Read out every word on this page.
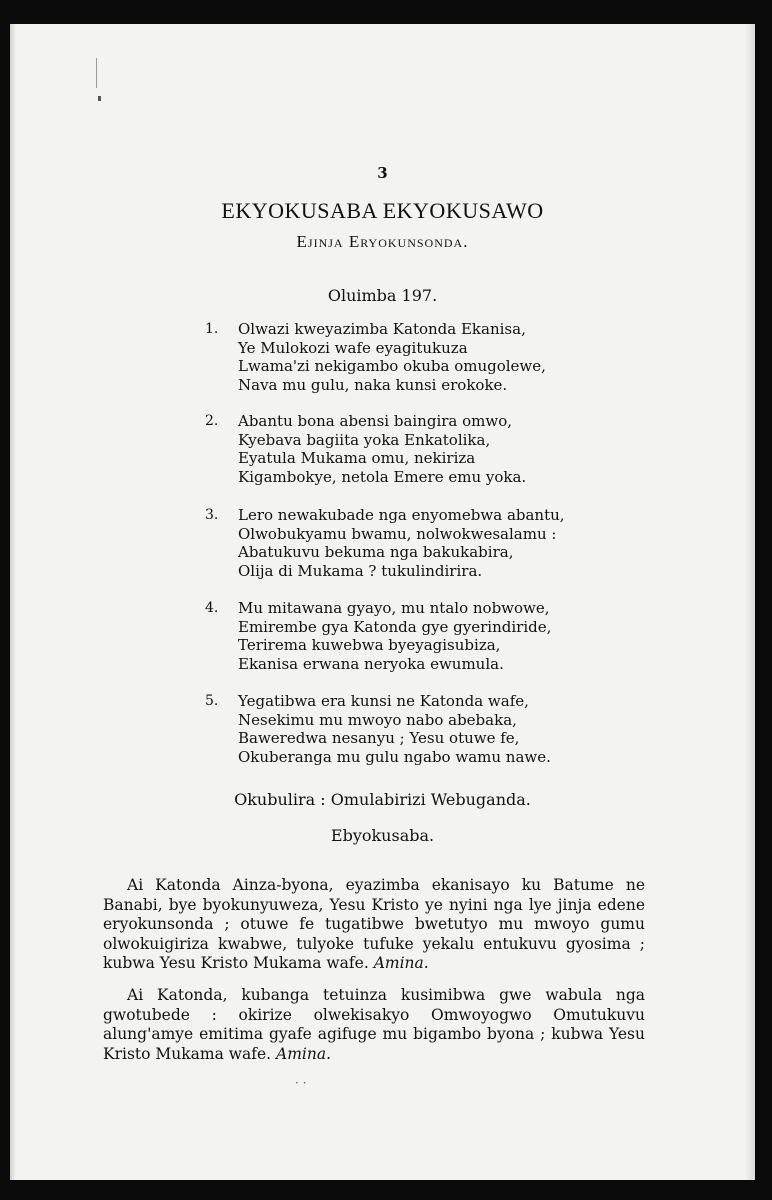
3
EKYOKUSABA EKYOKUSAWO
Ejinja Eryokunsonda.
Oluimba 197.
1.	Olwazi kweyazimba Katonda Ekanisa,
Ye Mulokozi wafe eyagitukuza
Lwama'zi nekigambo okuba omugolewe,
Nava mu gulu, naka kunsi erokoke.
2.	Abantu bona abensi baingira omwo,
Kyebava bagiita yoka Enkatolika,
Eyatula Mukama omu, nekiriza
Kigambokye, netola Emere emu yoka.
3.	Lero newakubade nga enyomebwa abantu,
Olwobukyamu bwamu, nolwokwesalamu :
Abatukuvu bekuma nga bakukabira,
Olija di Mukama ? tukulindirira.
4.	Mu mitawana gyayo, mu ntalo nobwowe,
Emirembe gya Katonda gye gyerindiride,
Terirema kuwebwa byeyagisubiza,
Ekanisa erwana neryoka ewumula.
5.	Yegatibwa era kunsi ne Katonda wafe,
Nesekimu mu mwoyo nabo abebaka,
Baweredwa nesanyu ; Yesu otuwe fe,
Okuberanga mu gulu ngabo wamu nawe.
Okubulira : Omulabirizi Webuganda.
Ebyokusaba.
Ai Katonda Ainza-byona, eyazimba ekanisayo ku Batume ne Banabi, bye byokunyuweza, Yesu Kristo ye nyini nga lye jinja edene eryokunsonda ; otuwe fe tugatibwe bwetutyo mu mwoyo gumu olwokuigiriza kwabwe, tulyoke tufuke yekalu entukuvu gyosima ; kubwa Yesu Kristo Mukama wafe. Amina.
Ai Katonda, kubanga tetuinza kusimibwa gwe wabula nga gwotubede : okirize olwekisakyo Omwoyogwo Omutukuvu alung'amye emitima gyafe agifuge mu bigambo byona ; kubwa Yesu Kristo Mukama wafe. Amina.
· ·
